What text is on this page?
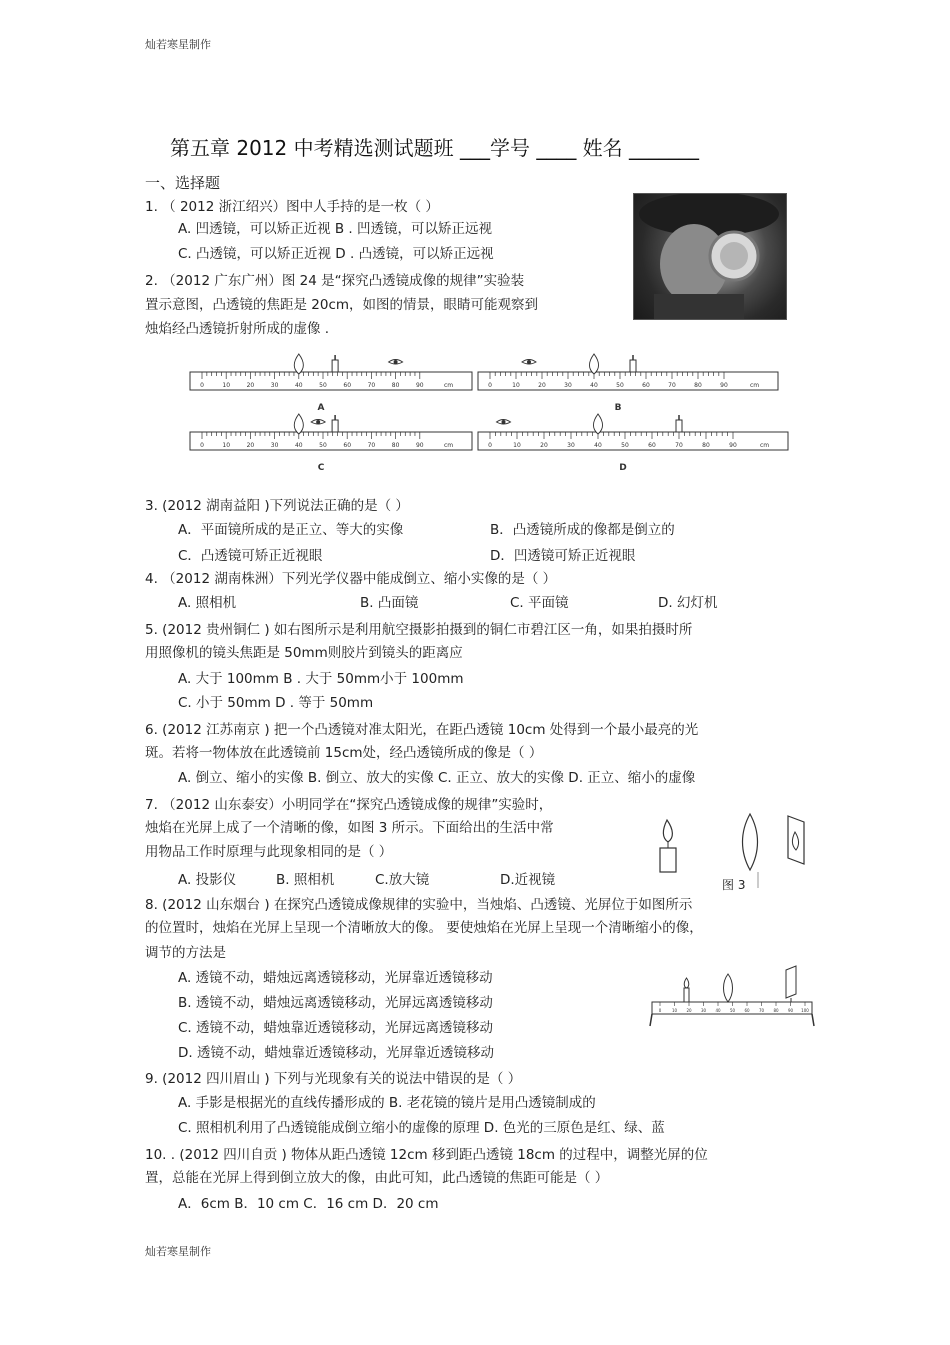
灿若寒星制作
灿若寒星制作
第五章 2012 中考精选测试题班 ___学号 ____ 姓名 _______
一、选择题
1. （ 2012 浙江绍兴）图中人手持的是一枚（ ）
A. 凹透镜，可以矫正近视 B . 凹透镜，可以矫正远视
C. 凸透镜，可以矫正近视 D . 凸透镜，可以矫正远视
2. （2012 广东广州）图 24 是“探究凸透镜成像的规律”实验装
置示意图，凸透镜的焦距是 20cm，如图的情景，眼睛可能观察到
烛焰经凸透镜折射所成的虚像 .
0	10	20	30	40	50	60	70	80	90	cm
A
0	10	20	30	40	50	60	70	80	90	cm
B
0	10	20	30	40	50	60	70	80	90	cm
C
0	10	20	30	40	50	60	70	80	90	cm
D
3. (2012 湖南益阳 )下列说法正确的是（ ）
A．平面镜所成的是正立、等大的实像	B．凸透镜所成的像都是倒立的
C．凸透镜可矫正近视眼	D．凹透镜可矫正近视眼
4. （2012 湖南株洲）下列光学仪器中能成倒立、缩小实像的是（ ）
A. 照相机	B. 凸面镜	C. 平面镜	D. 幻灯机
5. (2012 贵州铜仁 ) 如右图所示是利用航空摄影拍摄到的铜仁市碧江区一角，如果拍摄时所
用照像机的镜头焦距是 50mm则胶片到镜头的距离应
A. 大于 100mm B . 大于 50mm小于 100mm
C. 小于 50mm D . 等于 50mm
6. (2012 江苏南京 ) 把一个凸透镜对准太阳光，在距凸透镜 10cm 处得到一个最小最亮的光
斑。若将一物体放在此透镜前 15cm处，经凸透镜所成的像是（ ）
A. 倒立、缩小的实像 B. 倒立、放大的实像 C. 正立、放大的实像 D. 正立、缩小的虚像
7. （2012 山东泰安）小明同学在“探究凸透镜成像的规律”实验时，
烛焰在光屏上成了一个清晰的像，如图 3 所示。下面给出的生活中常
用物品工作时原理与此现象相同的是（ ）
A. 投影仪	B. 照相机	C.放大镜	D.近视镜	图 3
8. (2012 山东烟台 ) 在探究凸透镜成像规律的实验中，当烛焰、凸透镜、光屏位于如图所示
的位置时，烛焰在光屏上呈现一个清晰放大的像。 要使烛焰在光屏上呈现一个清晰缩小的像，
调节的方法是
A. 透镜不动，蜡烛远离透镜移动，光屏靠近透镜移动
B. 透镜不动，蜡烛远离透镜移动，光屏远离透镜移动
C. 透镜不动，蜡烛靠近透镜移动，光屏远离透镜移动
D. 透镜不动，蜡烛靠近透镜移动，光屏靠近透镜移动
0	10 20 30 40 50 60 70 80 90 100
9. (2012 四川眉山 ) 下列与光现象有关的说法中错误的是（ ）
A. 手影是根据光的直线传播形成的 B. 老花镜的镜片是用凸透镜制成的
C. 照相机利用了凸透镜能成倒立缩小的虚像的原理 D. 色光的三原色是红、绿、蓝
10. . (2012 四川自贡 ) 物体从距凸透镜 12cm 移到距凸透镜 18cm 的过程中，调整光屏的位
置，总能在光屏上得到倒立放大的像，由此可知，此凸透镜的焦距可能是（ ）
A．6cm B．10 cm C．16 cm D．20 cm
